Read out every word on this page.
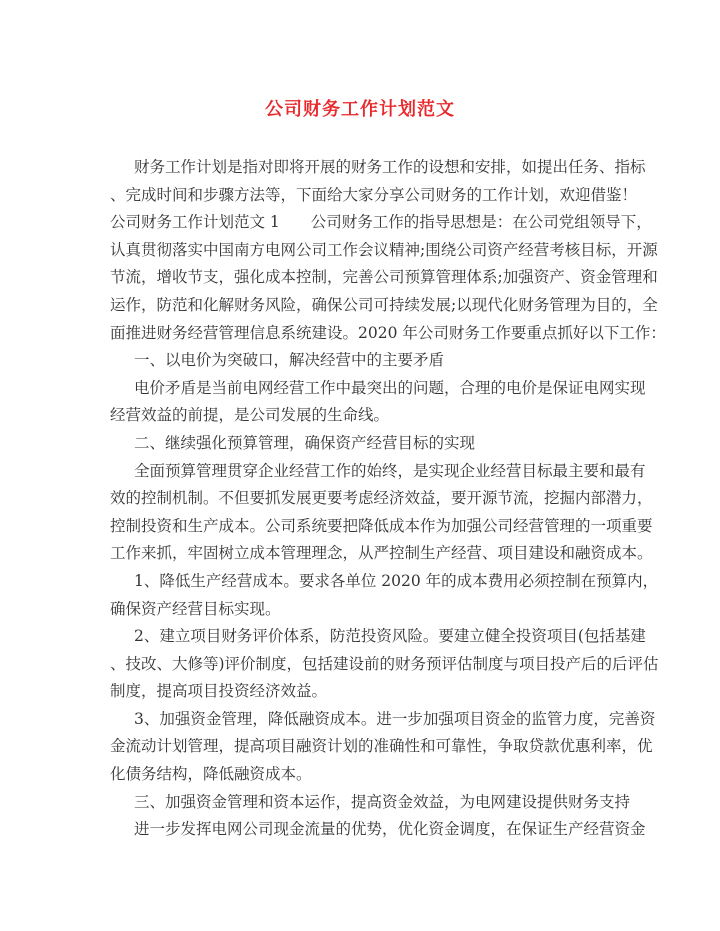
公司财务工作计划范文
财务工作计划是指对即将开展的财务工作的设想和安排，如提出任务、指标
、完成时间和步骤方法等，下面给大家分享公司财务的工作计划，欢迎借鉴！
公司财务工作计划范文 1　　公司财务工作的指导思想是：在公司党组领导下，
认真贯彻落实中国南方电网公司工作会议精神;围绕公司资产经营考核目标，开源
节流，增收节支，强化成本控制，完善公司预算管理体系;加强资产、资金管理和
运作，防范和化解财务风险，确保公司可持续发展;以现代化财务管理为目的，全
面推进财务经营管理信息系统建设。2020 年公司财务工作要重点抓好以下工作：
一、以电价为突破口，解决经营中的主要矛盾
电价矛盾是当前电网经营工作中最突出的问题，合理的电价是保证电网实现
经营效益的前提，是公司发展的生命线。
二、继续强化预算管理，确保资产经营目标的实现
全面预算管理贯穿企业经营工作的始终，是实现企业经营目标最主要和最有
效的控制机制。不但要抓发展更要考虑经济效益，要开源节流，挖掘内部潜力，
控制投资和生产成本。公司系统要把降低成本作为加强公司经营管理的一项重要
工作来抓，牢固树立成本管理理念，从严控制生产经营、项目建设和融资成本。
1、降低生产经营成本。要求各单位 2020 年的成本费用必须控制在预算内，
确保资产经营目标实现。
2、建立项目财务评价体系，防范投资风险。要建立健全投资项目(包括基建
、技改、大修等)评价制度，包括建设前的财务预评估制度与项目投产后的后评估
制度，提高项目投资经济效益。
3、加强资金管理，降低融资成本。进一步加强项目资金的监管力度，完善资
金流动计划管理，提高项目融资计划的准确性和可靠性，争取贷款优惠利率，优
化债务结构，降低融资成本。
三、加强资金管理和资本运作，提高资金效益，为电网建设提供财务支持
进一步发挥电网公司现金流量的优势，优化资金调度，在保证生产经营资金
